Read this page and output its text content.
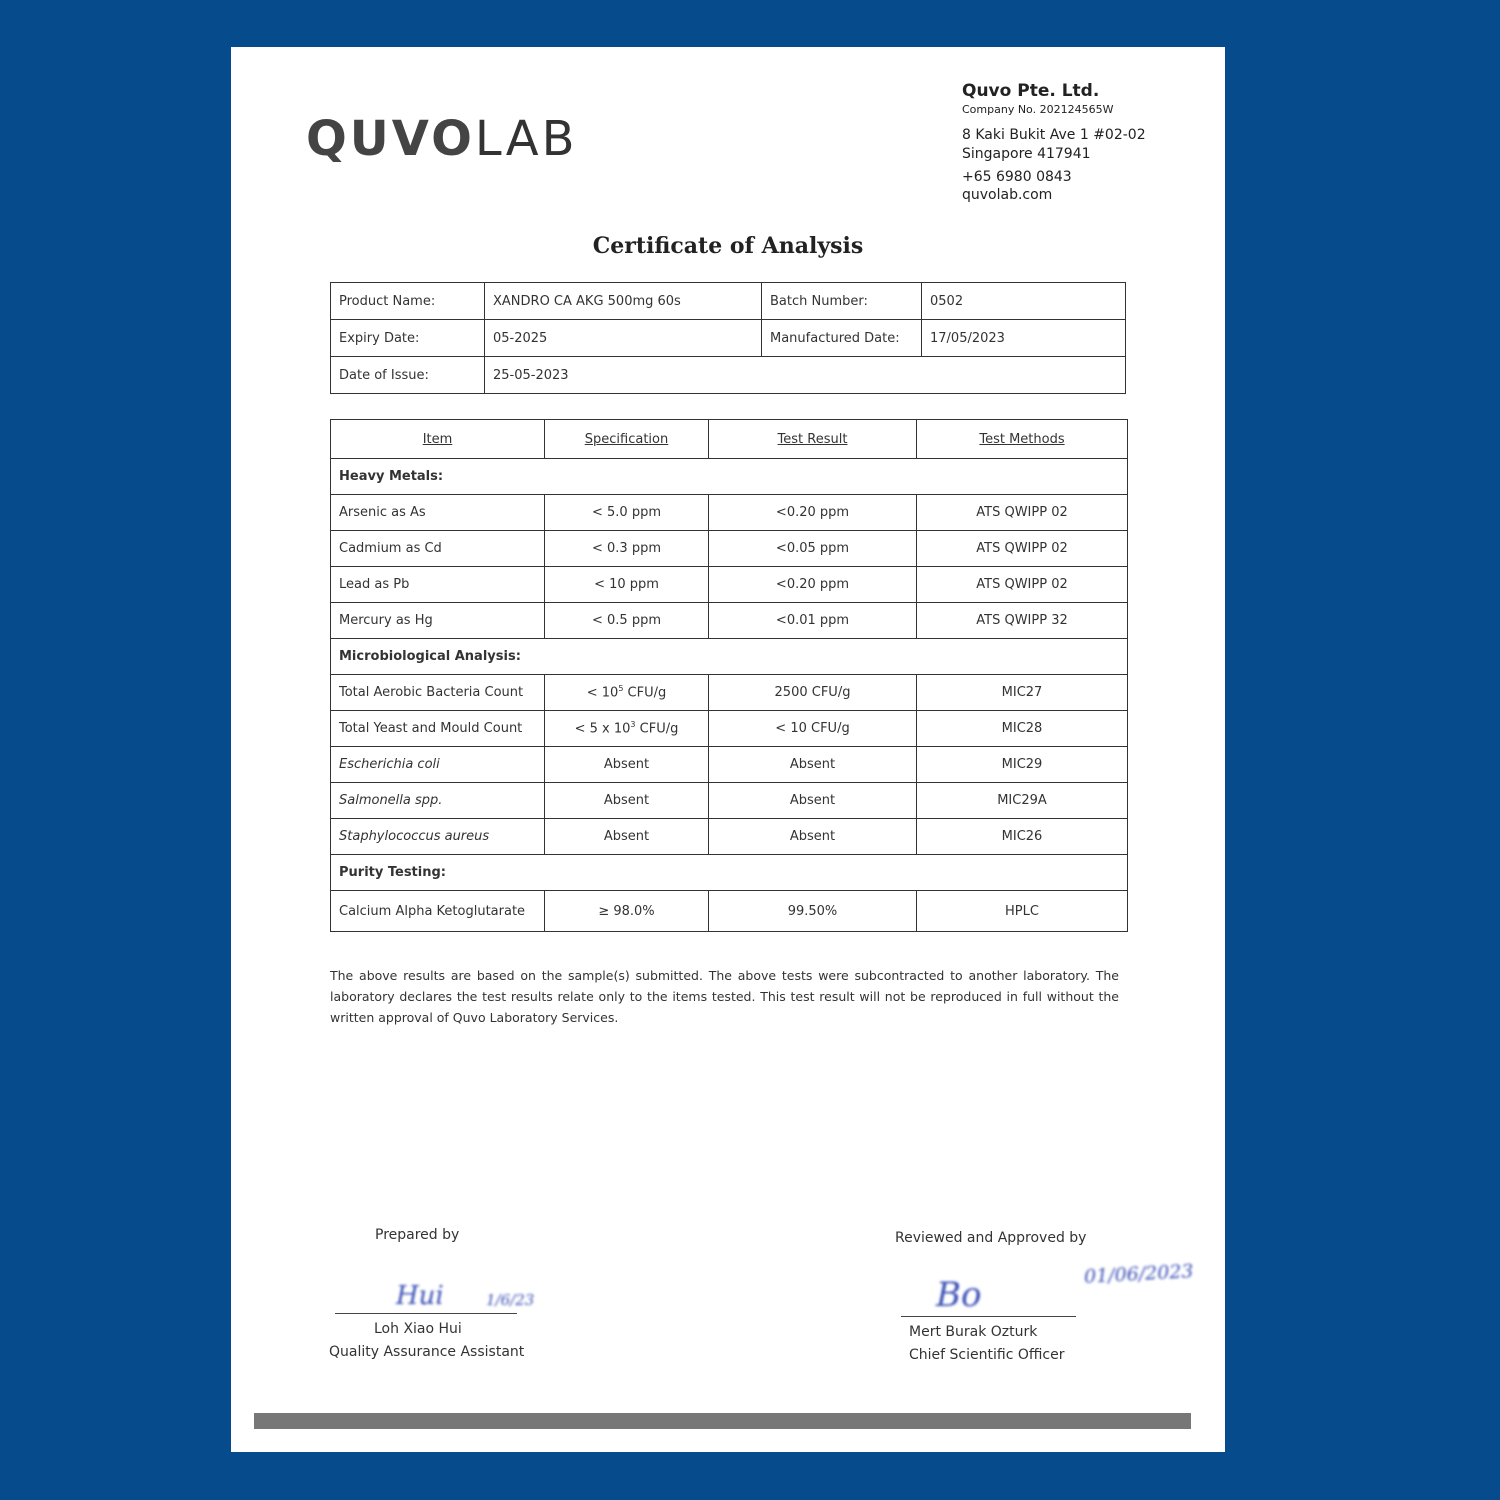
QUVOLAB
Quvo Pte. Ltd.
Company No. 202124565W
8 Kaki Bukit Ave 1 #02-02
Singapore 417941
+65 6980 0843
quvolab.com
Certificate of Analysis
Product Name:	XANDRO CA AKG 500mg 60s	Batch Number:	0502
Expiry Date:	05-2025	Manufactured Date:	17/05/2023
Date of Issue:	25-05-2023		
Item	Specification	Test Result	Test Methods
Heavy Metals:			
Arsenic as As	< 5.0 ppm	<0.20 ppm	ATS QWIPP 02
Cadmium as Cd	< 0.3 ppm	<0.05 ppm	ATS QWIPP 02
Lead as Pb	< 10 ppm	<0.20 ppm	ATS QWIPP 02
Mercury as Hg	< 0.5 ppm	<0.01 ppm	ATS QWIPP 32
Microbiological Analysis:			
Total Aerobic Bacteria Count	< $10^5$ CFU/g	2500 CFU/g	MIC27
Total Yeast and Mould Count	< 5 x $10^3$ CFU/g	< 10 CFU/g	MIC28
Escherichia coli	Absent	Absent	MIC29
Salmonella spp.	Absent	Absent	MIC29A
Staphylococcus aureus	Absent	Absent	MIC26
Purity Testing:			
Calcium Alpha Ketoglutarate	≥ 98.0%	99.50%	HPLC
The above results are based on the sample(s) submitted. The above tests were subcontracted to another laboratory. The laboratory declares the test results relate only to the items tested. This test result will not be reproduced in full without the written approval of Quvo Laboratory Services.
Prepared by
Hui	1/6/23
Loh Xiao Hui
Quality Assurance Assistant
Reviewed and Approved by
Bo
01/06/2023
Mert Burak Ozturk
Chief Scientific Officer
